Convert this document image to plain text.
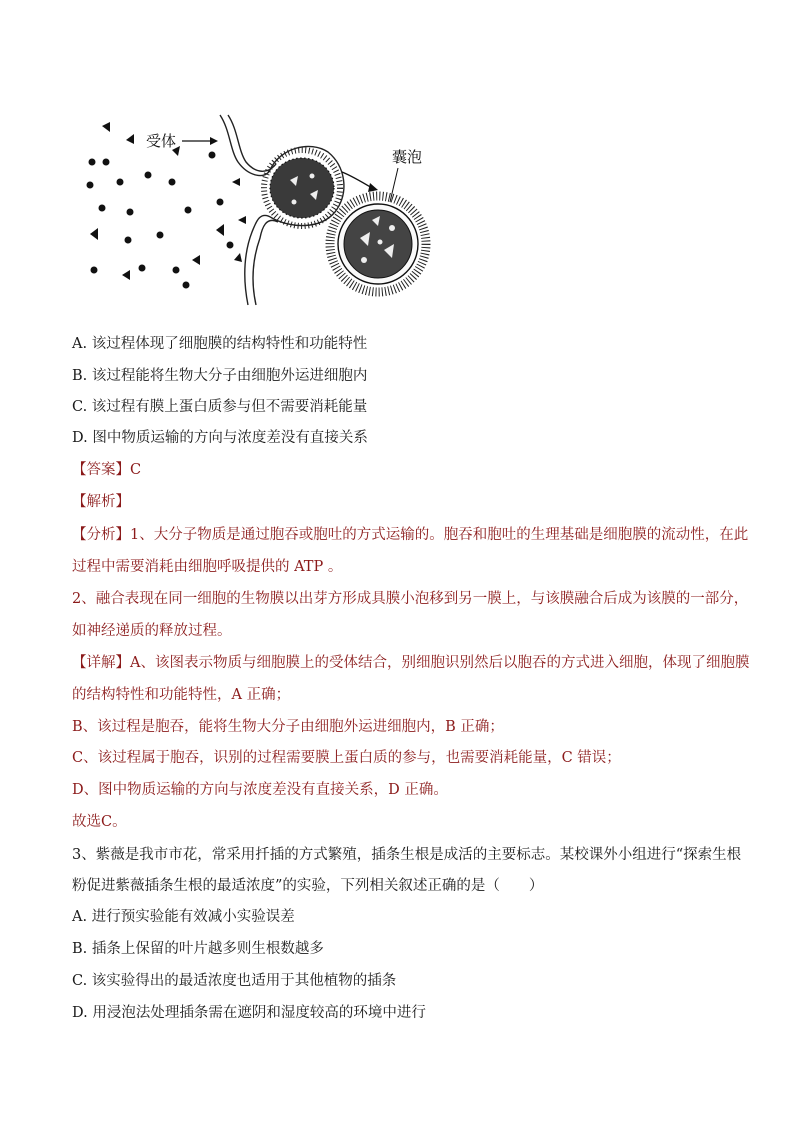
受体
囊泡
A. 该过程体现了细胞膜的结构特性和功能特性
B. 该过程能将生物大分子由细胞外运进细胞内
C. 该过程有膜上蛋白质参与但不需要消耗能量
D. 图中物质运输的方向与浓度差没有直接关系
【答案】C
【解析】
【分析】1、大分子物质是通过胞吞或胞吐的方式运输的。胞吞和胞吐的生理基础是细胞膜的流动性，在此
过程中需要消耗由细胞呼吸提供的 ATP 。
2、融合表现在同一细胞的生物膜以出芽方形成具膜小泡移到另一膜上，与该膜融合后成为该膜的一部分，
如神经递质的释放过程。
【详解】A、该图表示物质与细胞膜上的受体结合，别细胞识别然后以胞吞的方式进入细胞，体现了细胞膜
的结构特性和功能特性，A 正确；
B、该过程是胞吞，能将生物大分子由细胞外运进细胞内，B 正确；
C、该过程属于胞吞，识别的过程需要膜上蛋白质的参与，也需要消耗能量，C 错误；
D、图中物质运输的方向与浓度差没有直接关系，D 正确。
故选C。
3、紫薇是我市市花，常采用扦插的方式繁殖，插条生根是成活的主要标志。某校课外小组进行“探索生根
粉促进紫薇插条生根的最适浓度”的实验，下列相关叙述正确的是（　　）
A. 进行预实验能有效减小实验误差
B. 插条上保留的叶片越多则生根数越多
C. 该实验得出的最适浓度也适用于其他植物的插条
D. 用浸泡法处理插条需在遮阴和湿度较高的环境中进行
